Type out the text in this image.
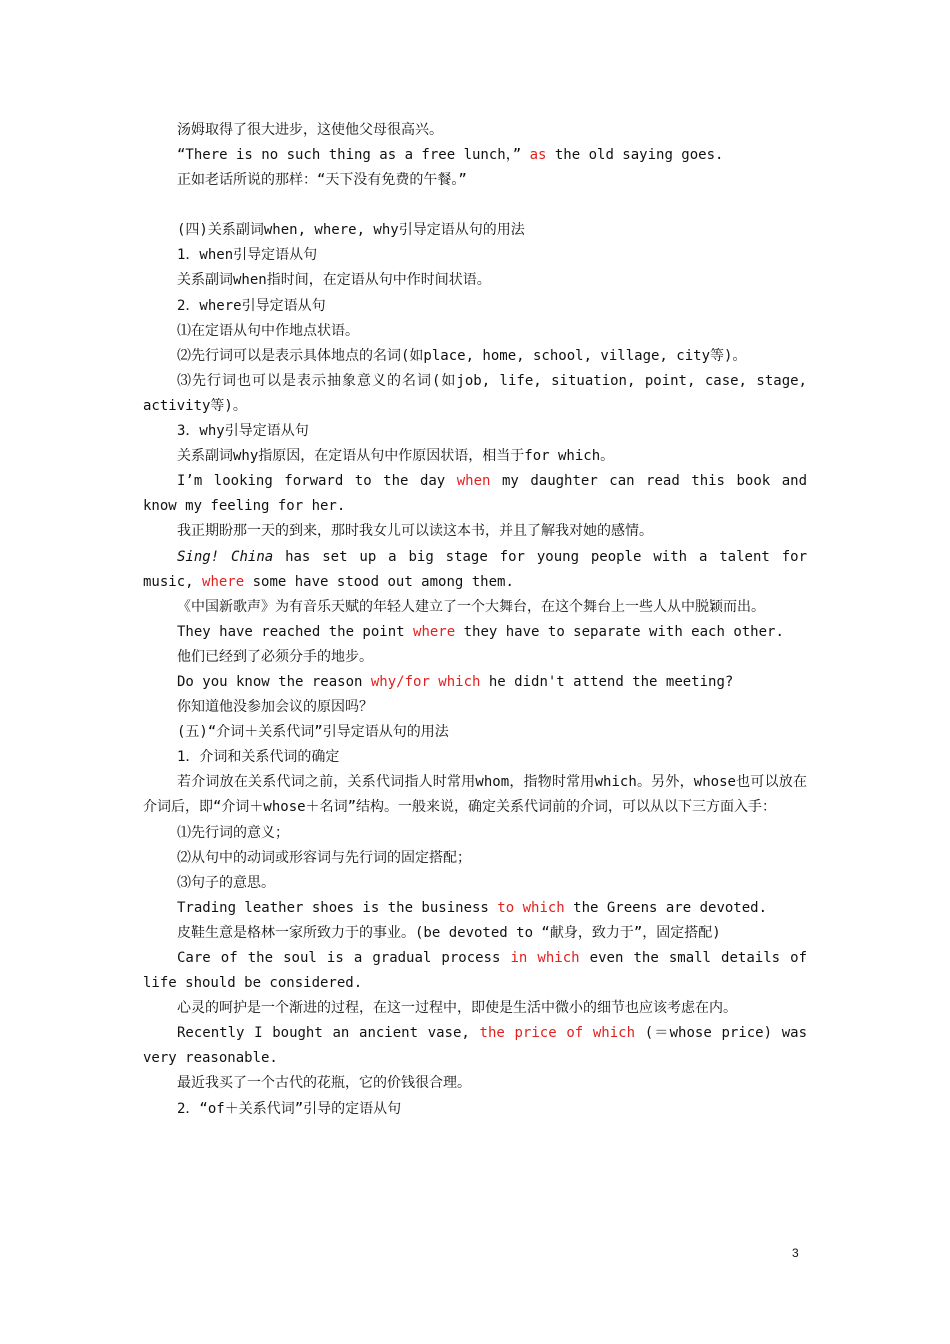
汤姆取得了很大进步，这使他父母很高兴。

“There is no such thing as a free lunch，” as the old saying goes.

正如老话所说的那样：“天下没有免费的午餐。”

(四)关系副词when, where, why引导定语从句的用法

1．when引导定语从句

关系副词when指时间，在定语从句中作时间状语。

2．where引导定语从句

⑴在定语从句中作地点状语。

⑵先行词可以是表示具体地点的名词(如place, home, school, village, city等)。

⑶先行词也可以是表示抽象意义的名词(如job, life, situation, point, case, stage, activity等)。

3．why引导定语从句

关系副词why指原因，在定语从句中作原因状语，相当于for which。

I’m looking forward to the day when my daughter can read this book and know my feeling for her.

我正期盼那一天的到来，那时我女儿可以读这本书，并且了解我对她的感情。

Sing! China has set up a big stage for young people with a talent for music, where some have stood out among them.

《中国新歌声》为有音乐天赋的年轻人建立了一个大舞台，在这个舞台上一些人从中脱颖而出。

They have reached the point where they have to separate with each other.

他们已经到了必须分手的地步。

Do you know the reason why/for which he didn't attend the meeting?

你知道他没参加会议的原因吗？

(五)“介词＋关系代词”引导定语从句的用法

1．介词和关系代词的确定

若介词放在关系代词之前，关系代词指人时常用whom，指物时常用which。另外，whose也可以放在介词后，即“介词＋whose＋名词”结构。一般来说，确定关系代词前的介词，可以从以下三方面入手：

⑴先行词的意义；

⑵从句中的动词或形容词与先行词的固定搭配；

⑶句子的意思。

Trading leather shoes is the business to which the Greens are devoted.

皮鞋生意是格林一家所致力于的事业。(be devoted to “献身，致力于”，固定搭配)

Care of the soul is a gradual process in which even the small details of life should be considered.

心灵的呵护是一个渐进的过程，在这一过程中，即使是生活中微小的细节也应该考虑在内。

Recently I bought an ancient vase, the price of which (＝whose price) was very reasonable.

最近我买了一个古代的花瓶，它的价钱很合理。

2．“of＋关系代词”引导的定语从句

3
